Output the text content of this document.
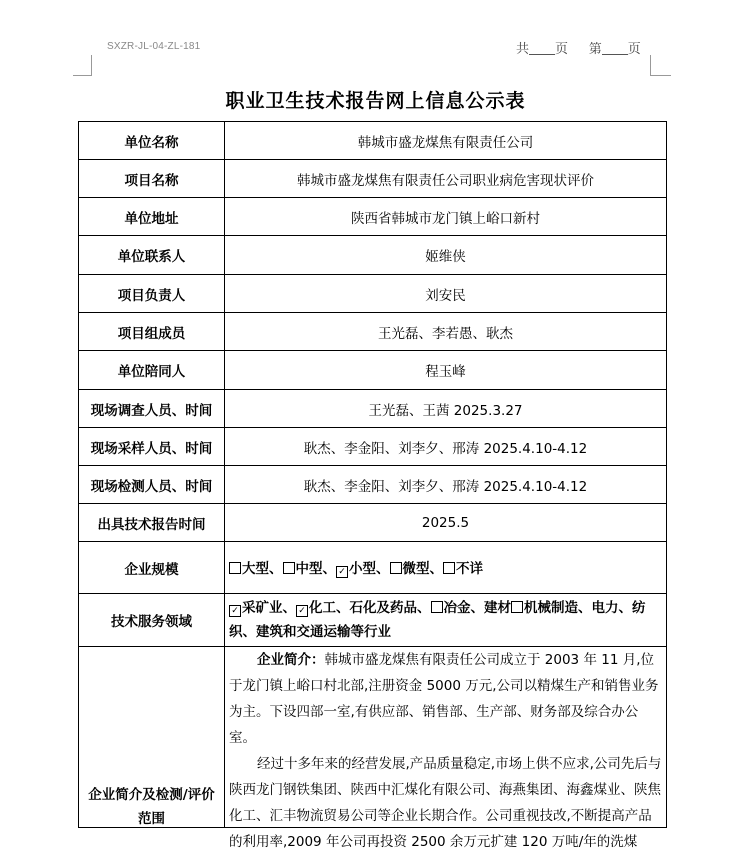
SXZR-JL-04-ZL-181	共 页 第 页
职业卫生技术报告网上信息公示表
单位名称	韩城市盛龙煤焦有限责任公司
项目名称	韩城市盛龙煤焦有限责任公司职业病危害现状评价
单位地址	陕西省韩城市龙门镇上峪口新村
单位联系人	姬维侠
项目负责人	刘安民
项目组成员	王光磊、李若愚、耿杰
单位陪同人	程玉峰
现场调查人员、时间	王光磊、王茜 2025.3.27
现场采样人员、时间	耿杰、李金阳、刘李夕、邢涛 2025.4.10-4.12
现场检测人员、时间	耿杰、李金阳、刘李夕、邢涛 2025.4.10-4.12
出具技术报告时间	2025.5
企业规模	大型、 中型、 ✓ 小型、 微型、 不详
技术服务领域	✓ 采矿业、 ✓ 化工、石化及药品、 冶金、建材 机械制造、电力、纺
织、建筑和交通运输等行业

企业简介及检测/评价范围	企业简介：韩城市盛龙煤焦有限责任公司成立于 2003 年 11 月,位于龙门镇上峪口村北部,注册资金 5000 万元,公司以精煤生产和销售业务为主。下设四部一室,有供应部、销售部、生产部、财务部及综合办公室。

经过十多年来的经营发展,产品质量稳定,市场上供不应求,公司先后与陕西龙门钢铁集团、陕西中汇煤化有限公司、海燕集团、海鑫煤业、陕焦化工、汇丰物流贸易公司等企业长期合作。公司重视技改,不断提高产品的利用率,2009 年公司再投资 2500 余万元扩建 120 万吨/年的洗煤
